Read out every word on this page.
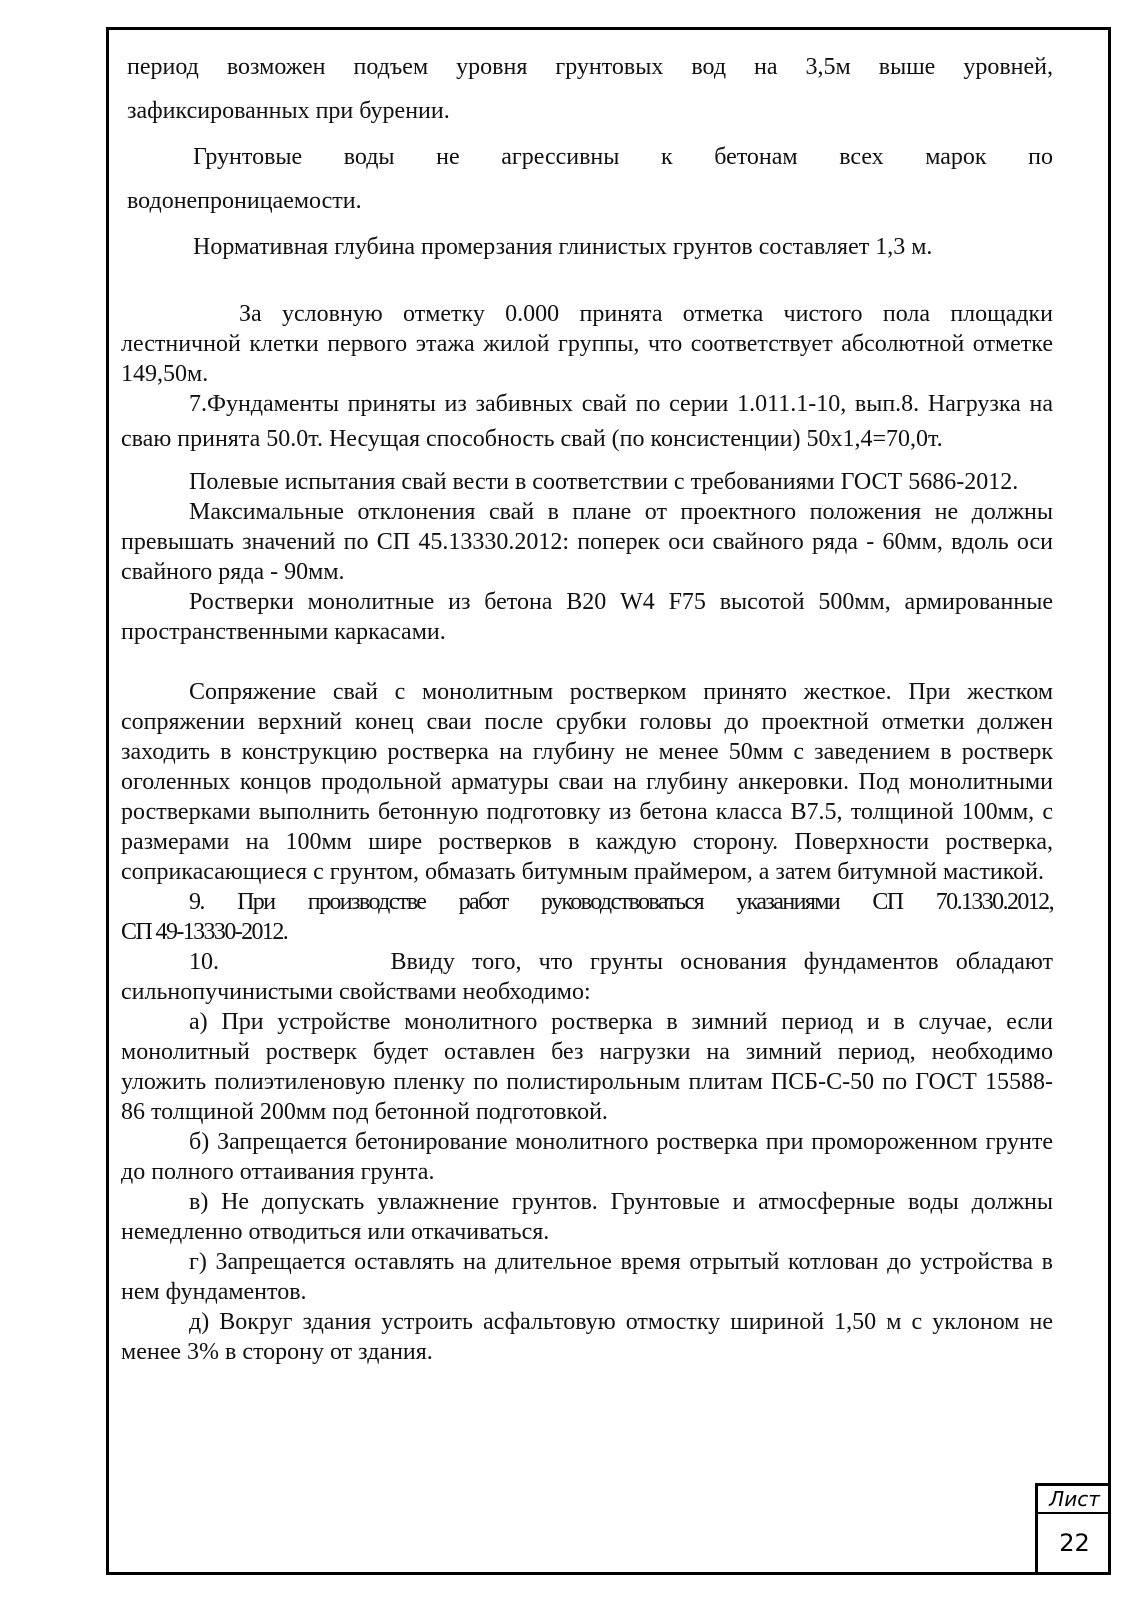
период возможен подъем уровня грунтовых вод на 3,5м выше уровней,

зафиксированных при бурении.

Грунтовые воды не агрессивны к бетонам всех марок по

водонепроницаемости.

Нормативная глубина промерзания глинистых грунтов составляет 1,3 м.

За условную отметку 0.000 принята отметка чистого пола площадки лестничной клетки первого этажа жилой группы, что соответствует абсолютной отметке 149,50м.

7.Фундаменты приняты из забивных свай по серии 1.011.1-10, вып.8. Нагрузка на сваю принята 50.0т. Несущая способность свай (по консистенции) 50х1,4=70,0т.

Полевые испытания свай вести в соответствии с требованиями ГОСТ 5686-2012.

Максимальные отклонения свай в плане от проектного положения не должны превышать значений по СП 45.13330.2012: поперек оси свайного ряда - 60мм, вдоль оси свайного ряда - 90мм.

Ростверки монолитные из бетона В20 W4 F75 высотой 500мм, армированные пространственными каркасами.

Сопряжение свай с монолитным ростверком принято жесткое. При жестком сопряжении верхний конец сваи после срубки головы до проектной отметки должен заходить в конструкцию ростверка на глубину не менее 50мм с заведением в ростверк оголенных концов продольной арматуры сваи на глубину анкеровки. Под монолитными ростверками выполнить бетонную подготовку из бетона класса В7.5, толщиной 100мм, с размерами на 100мм шире ростверков в каждую сторону. Поверхности ростверка, соприкасающиеся с грунтом, обмазать битумным праймером, а затем битумной мастикой.

9. При производстве работ руководствоваться указаниями СП 70.1330.2012,

СП 49-13330-2012.

10.          Ввиду того, что грунты основания фундаментов обладают сильнопучинистыми свойствами необходимо:

а) При устройстве монолитного ростверка в зимний период и в случае, если монолитный ростверк будет оставлен без нагрузки на зимний период, необходимо уложить полиэтиленовую пленку по полистирольным плитам ПСБ-С-50 по ГОСТ 15588-86 толщиной 200мм под бетонной подготовкой.

б) Запрещается бетонирование монолитного ростверка при промороженном грунте до полного оттаивания грунта.

в) Не допускать увлажнение грунтов. Грунтовые и атмосферные воды должны немедленно отводиться или откачиваться.

г) Запрещается оставлять на длительное время отрытый котлован до устройства в нем фундаментов.

д) Вокруг здания устроить асфальтовую отмостку шириной 1,50 м с уклоном не менее 3% в сторону от здания.

Лист
22
